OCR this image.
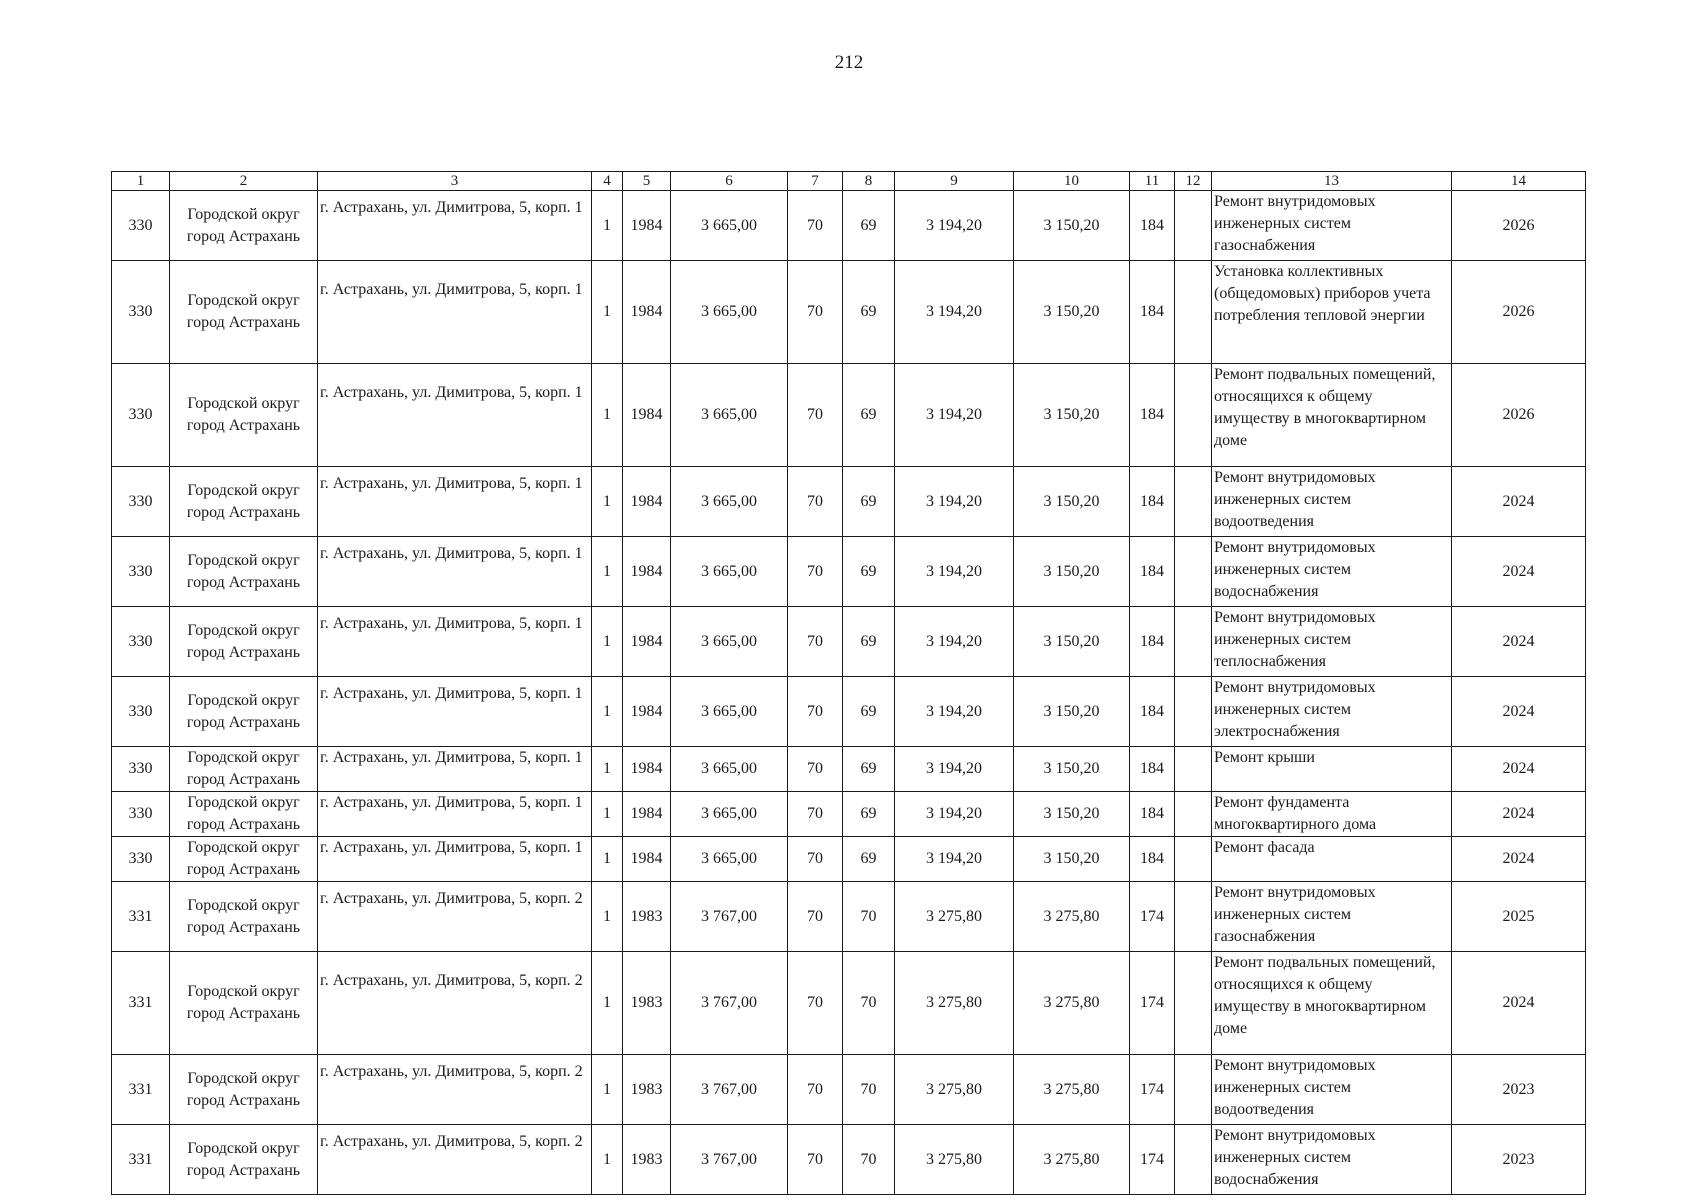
212
1	2	3	4	5	6	7	8	9	10	11	12	13	14
330	Городской округ город Астрахань	г. Астрахань, ул. Димитрова, 5, корп. 1	1	1984	3 665,00	70	69	3 194,20	3 150,20	184		Ремонт внутридомовых инженерных систем газоснабжения	2026
330	Городской округ город Астрахань	г. Астрахань, ул. Димитрова, 5, корп. 1	1	1984	3 665,00	70	69	3 194,20	3 150,20	184		Установка коллективных (общедомовых) приборов учета потребления тепловой энергии	2026
330	Городской округ город Астрахань	г. Астрахань, ул. Димитрова, 5, корп. 1	1	1984	3 665,00	70	69	3 194,20	3 150,20	184		Ремонт подвальных помещений, относящихся к общему имуществу в многоквартирном доме	2026
330	Городской округ город Астрахань	г. Астрахань, ул. Димитрова, 5, корп. 1	1	1984	3 665,00	70	69	3 194,20	3 150,20	184		Ремонт внутридомовых инженерных систем водоотведения	2024
330	Городской округ город Астрахань	г. Астрахань, ул. Димитрова, 5, корп. 1	1	1984	3 665,00	70	69	3 194,20	3 150,20	184		Ремонт внутридомовых инженерных систем водоснабжения	2024
330	Городской округ город Астрахань	г. Астрахань, ул. Димитрова, 5, корп. 1	1	1984	3 665,00	70	69	3 194,20	3 150,20	184		Ремонт внутридомовых инженерных систем теплоснабжения	2024
330	Городской округ город Астрахань	г. Астрахань, ул. Димитрова, 5, корп. 1	1	1984	3 665,00	70	69	3 194,20	3 150,20	184		Ремонт внутридомовых инженерных систем электроснабжения	2024
330	Городской округ город Астрахань	г. Астрахань, ул. Димитрова, 5, корп. 1	1	1984	3 665,00	70	69	3 194,20	3 150,20	184		Ремонт крыши	2024
330	Городской округ город Астрахань	г. Астрахань, ул. Димитрова, 5, корп. 1	1	1984	3 665,00	70	69	3 194,20	3 150,20	184		Ремонт фундамента многоквартирного дома	2024
330	Городской округ город Астрахань	г. Астрахань, ул. Димитрова, 5, корп. 1	1	1984	3 665,00	70	69	3 194,20	3 150,20	184		Ремонт фасада	2024
331	Городской округ город Астрахань	г. Астрахань, ул. Димитрова, 5, корп. 2	1	1983	3 767,00	70	70	3 275,80	3 275,80	174		Ремонт внутридомовых инженерных систем газоснабжения	2025
331	Городской округ город Астрахань	г. Астрахань, ул. Димитрова, 5, корп. 2	1	1983	3 767,00	70	70	3 275,80	3 275,80	174		Ремонт подвальных помещений, относящихся к общему имуществу в многоквартирном доме	2024
331	Городской округ город Астрахань	г. Астрахань, ул. Димитрова, 5, корп. 2	1	1983	3 767,00	70	70	3 275,80	3 275,80	174		Ремонт внутридомовых инженерных систем водоотведения	2023
331	Городской округ город Астрахань	г. Астрахань, ул. Димитрова, 5, корп. 2	1	1983	3 767,00	70	70	3 275,80	3 275,80	174		Ремонт внутридомовых инженерных систем водоснабжения	2023
